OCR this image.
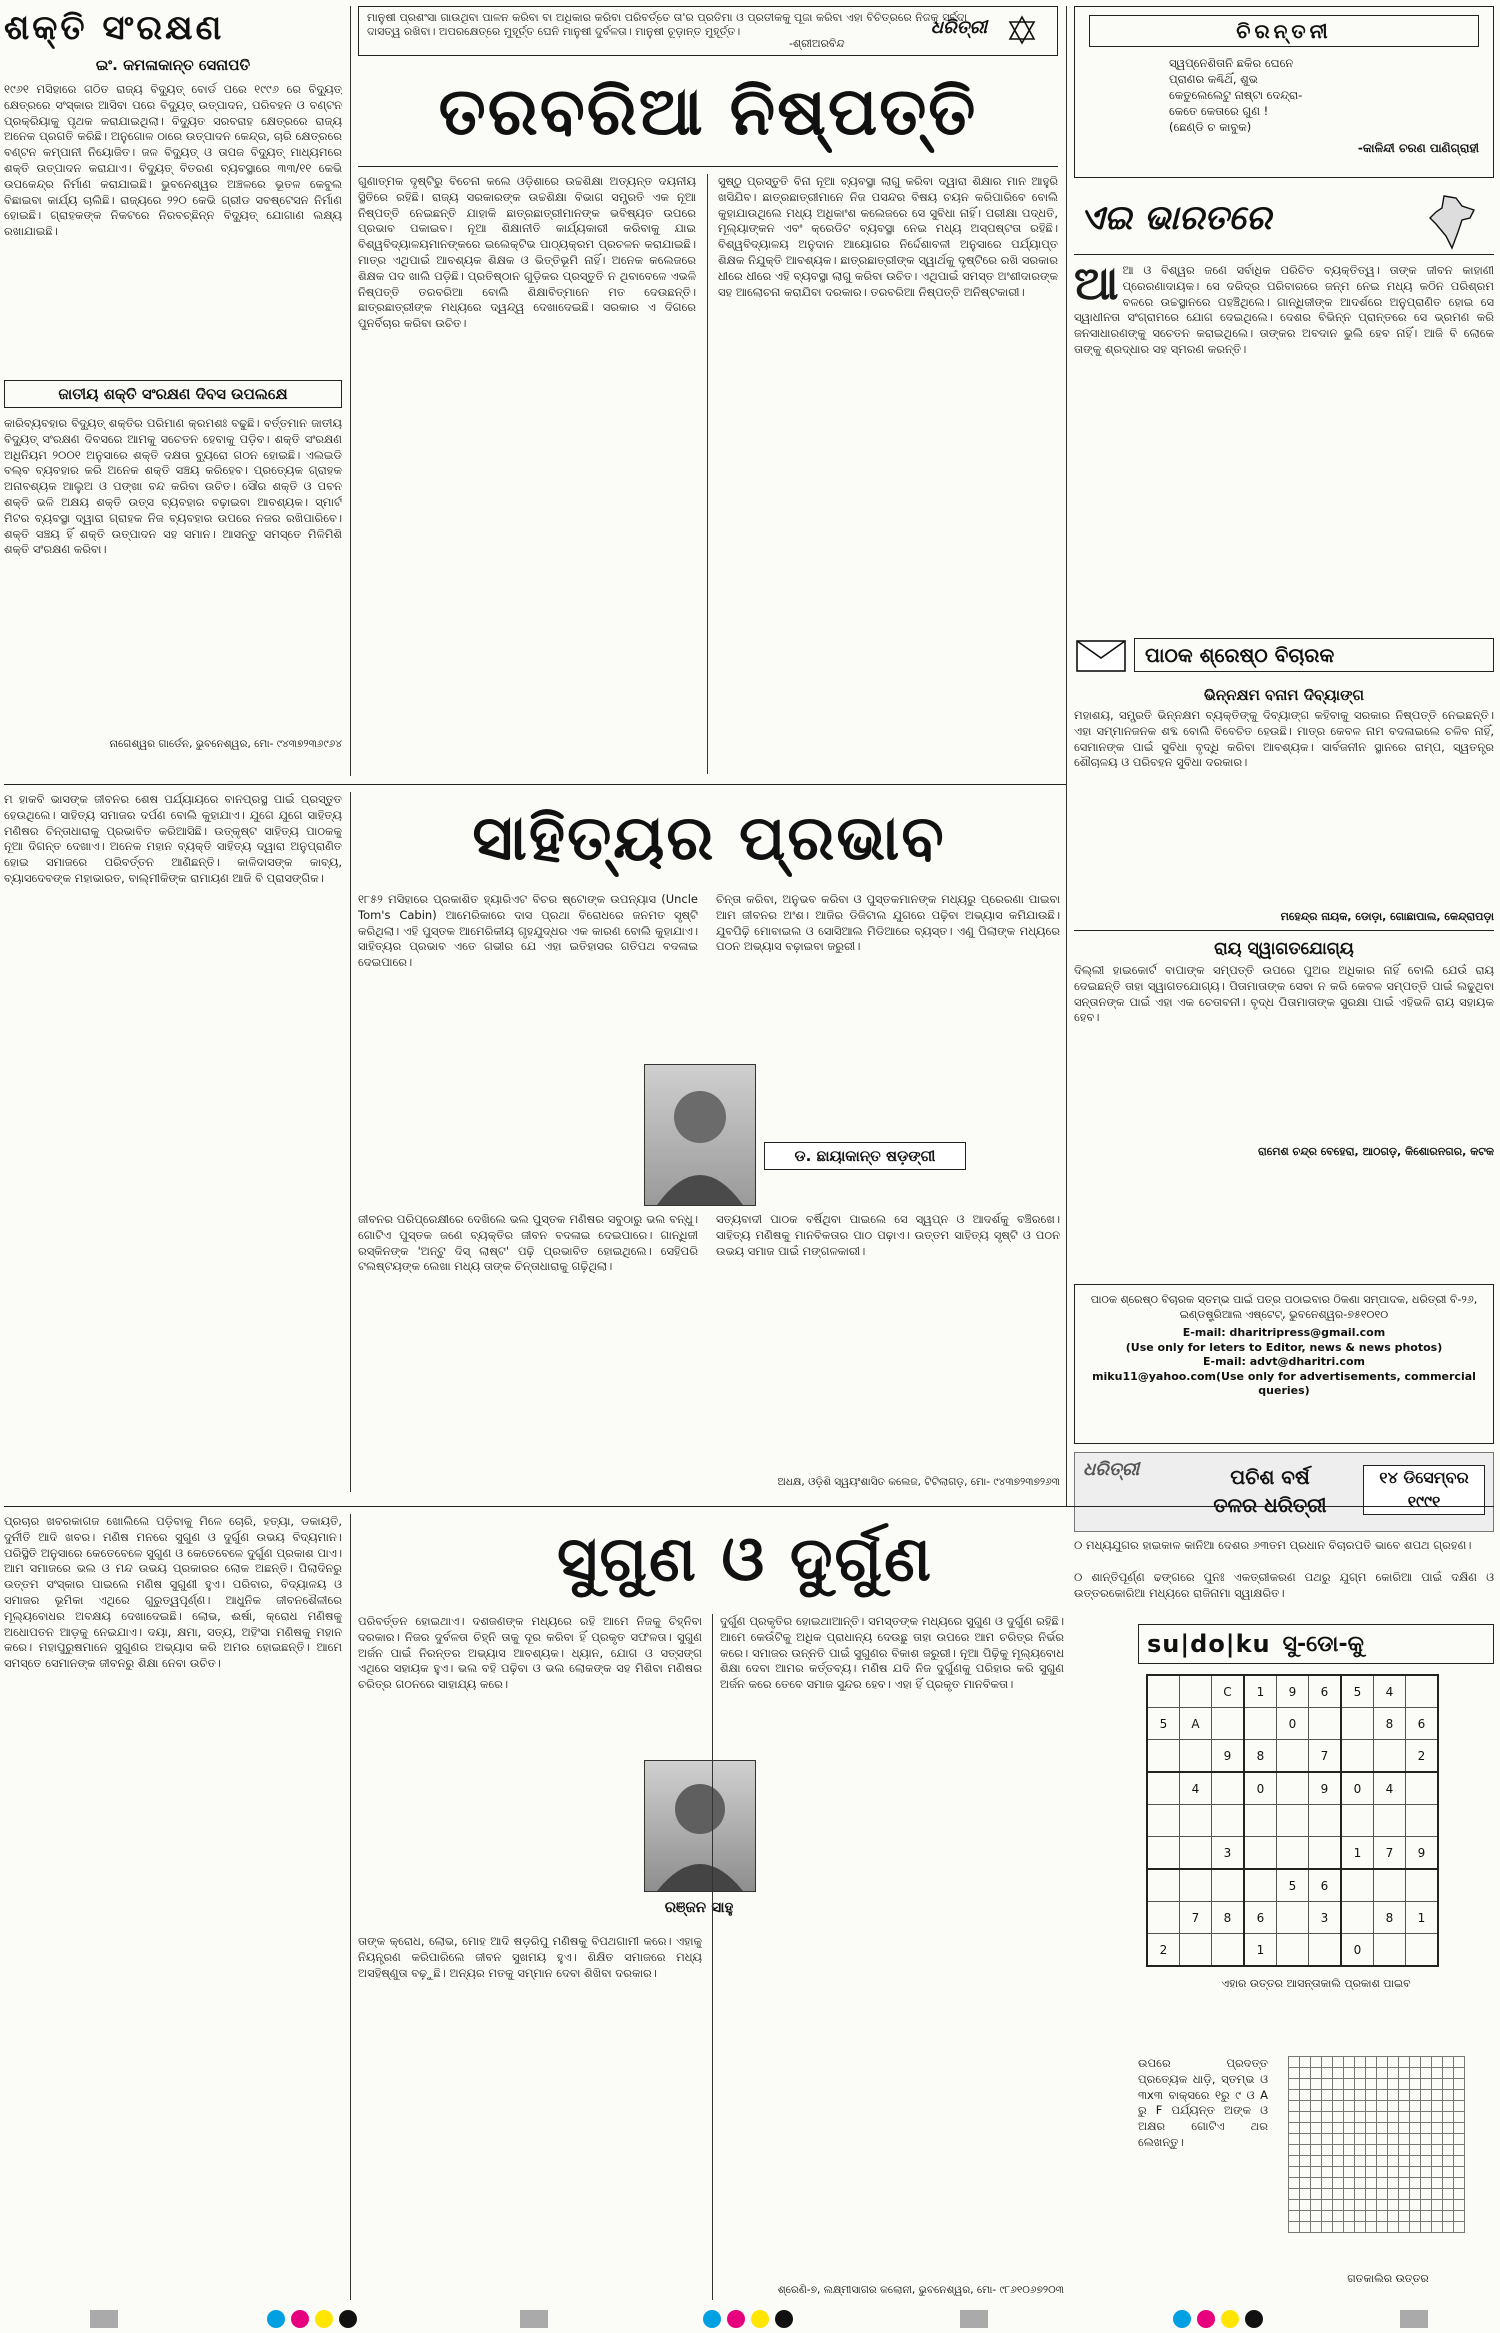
ଶକ୍ତି ସଂରକ୍ଷଣ
ଇଂ. କମଳାକାନ୍ତ ସେନାପତି
୧୯୬୧ ମସିହାରେ ଗଠିତ ରାଜ୍ୟ ବିଦ୍ୟୁତ୍ ବୋର୍ଡ ପରେ ୧୯୯୬ ରେ ବିଦ୍ୟୁତ୍ କ୍ଷେତ୍ରରେ ସଂସ୍କାର ଆସିବା ପରେ ବିଦ୍ୟୁତ୍ ଉତ୍ପାଦନ, ପରିବହନ ଓ ବଣ୍ଟନ ପ୍ରକ୍ରିୟାକୁ ପୃଥକ କରାଯାଇଥିଲା। ବିଦ୍ୟୁତ ସରବରାହ କ୍ଷେତ୍ରରେ ରାଜ୍ୟ ଅନେକ ପ୍ରଗତି କରିଛି। ଅନୁଗୋଳ ଠାରେ ଉତ୍ପାଦନ କେନ୍ଦ୍ର, ଚାରି କ୍ଷେତ୍ରରେ ବଣ୍ଟନ କମ୍ପାନୀ ନିୟୋଜିତ। ଜଳ ବିଦ୍ୟୁତ୍ ଓ ତାପଜ ବିଦ୍ୟୁତ୍ ମାଧ୍ୟମରେ ଶକ୍ତି ଉତ୍ପାଦନ କରାଯାଏ। ବିଦ୍ୟୁତ୍ ବିତରଣ ବ୍ୟବସ୍ଥାରେ ୩୩/୧୧ କେଭି ଉପକେନ୍ଦ୍ର ନିର୍ମାଣ କରାଯାଇଛି। ଭୁବନେଶ୍ୱର ଅଞ୍ଚଳରେ ଭୂତଳ କେବୁଲ ବିଛାଇବା କାର୍ଯ୍ୟ ଚାଲିଛି। ରାଜ୍ୟରେ ୨୨୦ କେଭି ଗ୍ରୀଡ ସବଷ୍ଟେସନ ନିର୍ମାଣ ହୋଇଛି। ଗ୍ରାହକଙ୍କ ନିକଟରେ ନିରବଚ୍ଛିନ୍ନ ବିଦ୍ୟୁତ୍ ଯୋଗାଣ ଲକ୍ଷ୍ୟ ରଖାଯାଇଛି।
ଜାତୀୟ ଶକ୍ତି ସଂରକ୍ଷଣ ଦିବସ ଉପଲକ୍ଷେ
କାରିବ୍ୟବହାର ବିଦ୍ୟୁତ୍ ଶକ୍ତିର ପରିମାଣ କ୍ରମଶଃ ବଢୁଛି। ବର୍ତ୍ତମାନ ଜାତୀୟ ବିଦ୍ୟୁତ୍ ସଂରକ୍ଷଣ ଦିବସରେ ଆମକୁ ସଚେତନ ହେବାକୁ ପଡ଼ିବ। ଶକ୍ତି ସଂରକ୍ଷଣ ଅଧିନିୟମ ୨୦୦୧ ଅନୁସାରେ ଶକ୍ତି ଦକ୍ଷତା ବ୍ୟୁରୋ ଗଠନ ହୋଇଛି। ଏଲଇଡି ବଲ୍ବ ବ୍ୟବହାର କରି ଅନେକ ଶକ୍ତି ସଞ୍ଚୟ କରିହେବ। ପ୍ରତ୍ୟେକ ଗ୍ରାହକ ଅନାବଶ୍ୟକ ଆଲୁଅ ଓ ପଙ୍ଖା ବନ୍ଦ କରିବା ଉଚିତ। ସୌର ଶକ୍ତି ଓ ପବନ ଶକ୍ତି ଭଳି ଅକ୍ଷୟ ଶକ୍ତି ଉତ୍ସ ବ୍ୟବହାର ବଢ଼ାଇବା ଆବଶ୍ୟକ। ସ୍ମାର୍ଟ ମିଟର ବ୍ୟବସ୍ଥା ଦ୍ୱାରା ଗ୍ରାହକ ନିଜ ବ୍ୟବହାର ଉପରେ ନଜର ରଖିପାରିବେ। ଶକ୍ତି ସଞ୍ଚୟ ହିଁ ଶକ୍ତି ଉତ୍ପାଦନ ସହ ସମାନ। ଆସନ୍ତୁ ସମସ୍ତେ ମିଳିମିଶି ଶକ୍ତି ସଂରକ୍ଷଣ କରିବା।
ନାଗେଶ୍ୱର ଗାର୍ଡେନ, ଭୁବନେଶ୍ୱର, ମୋ- ୯୪୩୭୨୩୬୯୬୪
ମାନୁଷୀ ପ୍ରଶଂସା ଗାଉଥିବା ପାଳନ କରିବା ବା ଅଧିକାର କରିବା ପରିବର୍ତ୍ତେ ତା'ର ପ୍ରତିମା ଓ ପ୍ରତୀକକୁ ପୂଜା କରିବା ଏହା ବିଚିତ୍ରରେ ନିଜକୁ ସର୍ବଦା ଦାସତ୍ୱ ରଖିବା। ଅପରକ୍ଷେତ୍ରେ ମୁହୂର୍ତ୍ତ ଘେନି ମାନୁଷୀ ଦୁର୍ବଳତା। ମାନୁଷୀ ଚୂଡ଼ାନ୍ତ ମୁହୂର୍ତ୍ତ।
-ଶ୍ରୀଅରବିନ୍ଦ
ଧରିତ୍ରୀ
ତରବରିଆ ନିଷ୍ପତ୍ତି
ଗୁଣାତ୍ମକ ଦୃଷ୍ଟିରୁ ବିଚେନା କଲେ ଓଡ଼ିଶାରେ ଉଚ୍ଚଶିକ୍ଷା ଅତ୍ୟନ୍ତ ଦୟନୀୟ ସ୍ଥିତିରେ ରହିଛି। ରାଜ୍ୟ ସରକାରଙ୍କ ଉଚ୍ଚଶିକ୍ଷା ବିଭାଗ ସମ୍ପ୍ରତି ଏକ ନୂଆ ନିଷ୍ପତ୍ତି ନେଇଛନ୍ତି ଯାହାକି ଛାତ୍ରଛାତ୍ରୀମାନଙ୍କ ଭବିଷ୍ୟତ ଉପରେ ପ୍ରଭାବ ପକାଇବ। ନୂଆ ଶିକ୍ଷାନୀତି କାର୍ଯ୍ୟକାରୀ କରିବାକୁ ଯାଇ ବିଶ୍ୱବିଦ୍ୟାଳୟମାନଙ୍କରେ ଇଲେକ୍ଟିଭ ପାଠ୍ୟକ୍ରମ ପ୍ରଚଳନ କରାଯାଇଛି। ମାତ୍ର ଏଥିପାଇଁ ଆବଶ୍ୟକ ଶିକ୍ଷକ ଓ ଭିତ୍ତିଭୂମି ନାହିଁ। ଅନେକ କଲେଜରେ ଶିକ୍ଷକ ପଦ ଖାଲି ପଡ଼ିଛି। ପ୍ରତିଷ୍ଠାନ ଗୁଡ଼ିକର ପ୍ରସ୍ତୁତି ନ ଥିବାବେଳେ ଏଭଳି ନିଷ୍ପତ୍ତି ତରବରିଆ ବୋଲି ଶିକ୍ଷାବିତ୍‌ମାନେ ମତ ଦେଉଛନ୍ତି। ଛାତ୍ରଛାତ୍ରୀଙ୍କ ମଧ୍ୟରେ ଦ୍ୱନ୍ଦ୍ୱ ଦେଖାଦେଇଛି। ସରକାର ଏ ଦିଗରେ ପୁନର୍ବିଚାର କରିବା ଉଚିତ।
ସୁଷ୍ଠୁ ପ୍ରସ୍ତୁତି ବିନା ନୂଆ ବ୍ୟବସ୍ଥା ଲାଗୁ କରିବା ଦ୍ୱାରା ଶିକ୍ଷାର ମାନ ଆହୁରି ଖସିଯିବ। ଛାତ୍ରଛାତ୍ରୀମାନେ ନିଜ ପସନ୍ଦର ବିଷୟ ଚୟନ କରିପାରିବେ ବୋଲି କୁହାଯାଉଥିଲେ ମଧ୍ୟ ଅଧିକାଂଶ କଲେଜରେ ସେ ସୁବିଧା ନାହିଁ। ପରୀକ୍ଷା ପଦ୍ଧତି, ମୂଲ୍ୟାଙ୍କନ ଏବଂ କ୍ରେଡିଟ ବ୍ୟବସ୍ଥା ନେଇ ମଧ୍ୟ ଅସ୍ପଷ୍ଟତା ରହିଛି। ବିଶ୍ୱବିଦ୍ୟାଳୟ ଅନୁଦାନ ଆୟୋଗର ନିର୍ଦ୍ଦେଶାବଳୀ ଅନୁସାରେ ପର୍ଯ୍ୟାପ୍ତ ଶିକ୍ଷକ ନିଯୁକ୍ତି ଆବଶ୍ୟକ। ଛାତ୍ରଛାତ୍ରୀଙ୍କ ସ୍ୱାର୍ଥକୁ ଦୃଷ୍ଟିରେ ରଖି ସରକାର ଧୀରେ ଧୀରେ ଏହି ବ୍ୟବସ୍ଥା ଲାଗୁ କରିବା ଉଚିତ। ଏଥିପାଇଁ ସମସ୍ତ ଅଂଶୀଦାରଙ୍କ ସହ ଆଲୋଚନା କରାଯିବା ଦରକାର। ତରବରିଆ ନିଷ୍ପତ୍ତି ଅନିଷ୍ଟକାରୀ।
ଚିରନ୍ତନୀ
ସ୍ୱପ୍ନେଶିତାନି ଛକିର ଘେନେ
ପ୍ରାଣର କଣ୍ଢିଥିଁ, ଶୁଭ
କେତୁଲେଲେଟୁ ନାଷ୍ଟା ଦେନ୍ଦ୍ରା-
କେତେ କେତାରେ ଗୁଣ !
(ଛେଣ୍ଡି ଚ କାବୁକ)
-କାଳିନ୍ଦୀ ଚରଣ ପାଣିଗ୍ରାହୀ
ଏଇ ଭାରତରେ
ଆଆ ଓ ବିଶ୍ୱର ଜଣେ ସର୍ବାଧିକ ପରିଚିତ ବ୍ୟକ୍ତିତ୍ୱ। ତାଙ୍କ ଜୀବନ କାହାଣୀ ପ୍ରେରଣାଦାୟକ। ସେ ଦରିଦ୍ର ପରିବାରରେ ଜନ୍ମ ନେଇ ମଧ୍ୟ କଠିନ ପରିଶ୍ରମ ବଳରେ ଉଚ୍ଚସ୍ଥାନରେ ପହଞ୍ଚିଥିଲେ। ଗାନ୍ଧିଜୀଙ୍କ ଆଦର୍ଶରେ ଅନୁପ୍ରାଣିତ ହୋଇ ସେ ସ୍ୱାଧୀନତା ସଂଗ୍ରାମରେ ଯୋଗ ଦେଇଥିଲେ। ଦେଶର ବିଭିନ୍ନ ପ୍ରାନ୍ତରେ ସେ ଭ୍ରମଣ କରି ଜନସାଧାରଣଙ୍କୁ ସଚେତନ କରାଇଥିଲେ। ତାଙ୍କର ଅବଦାନ ଭୁଲି ହେବ ନାହିଁ। ଆଜି ବି ଲୋକେ ତାଙ୍କୁ ଶ୍ରଦ୍ଧାର ସହ ସ୍ମରଣ କରନ୍ତି।
ପାଠକ ଶ୍ରେଷ୍ଠ ବିଚାରକ
ଭିନ୍ନକ୍ଷମ ବନାମ ଦିବ୍ୟାଙ୍ଗ
ମହାଶୟ, ସମ୍ପ୍ରତି ଭିନ୍ନକ୍ଷମ ବ୍ୟକ୍ତିଙ୍କୁ ଦିବ୍ୟାଙ୍ଗ କହିବାକୁ ସରକାର ନିଷ୍ପତ୍ତି ନେଇଛନ୍ତି। ଏହା ସମ୍ମାନଜନକ ଶବ୍ଦ ବୋଲି ବିବେଚିତ ହେଉଛି। ମାତ୍ର କେବଳ ନାମ ବଦଳାଇଲେ ଚଳିବ ନାହିଁ, ସେମାନଙ୍କ ପାଇଁ ସୁବିଧା ବୃଦ୍ଧି କରିବା ଆବଶ୍ୟକ। ସାର୍ବଜନୀନ ସ୍ଥାନରେ ରାମ୍ପ, ସ୍ୱତନ୍ତ୍ର ଶୌଚାଳୟ ଓ ପରିବହନ ସୁବିଧା ଦରକାର।
ମହେନ୍ଦ୍ର ନାୟକ, ଡୋଡ଼ା, ଗୋଛାପାଲ, କେନ୍ଦ୍ରାପଡ଼ା
ରାୟ ସ୍ୱାଗତଯୋଗ୍ୟ
ଦିଲ୍ଲୀ ହାଇକୋର୍ଟ ବାପାଙ୍କ ସମ୍ପତ୍ତି ଉପରେ ପୁଅର ଅଧିକାର ନାହିଁ ବୋଲି ଯେଉଁ ରାୟ ଦେଇଛନ୍ତି ତାହା ସ୍ୱାଗତଯୋଗ୍ୟ। ପିତାମାତାଙ୍କ ସେବା ନ କରି କେବଳ ସମ୍ପତ୍ତି ପାଇଁ ଲଢୁଥିବା ସନ୍ତାନଙ୍କ ପାଇଁ ଏହା ଏକ ଚେତାବନୀ। ବୃଦ୍ଧ ପିତାମାତାଙ୍କ ସୁରକ୍ଷା ପାଇଁ ଏହିଭଳି ରାୟ ସହାୟକ ହେବ।
ରାମେଶ ଚନ୍ଦ୍ର ବେହେରା, ଆଠଗଡ଼, କିଶୋରନଗର, କଟକ
ପାଠକ ଶ୍ରେଷ୍ଠ ବିଚାରକ ସ୍ତମ୍ଭ ପାଇଁ ପତ୍ର ପଠାଇବାର ଠିକଣା ସମ୍ପାଦକ, ଧରିତ୍ରୀ ବି-୨୬, ଇଣ୍ଡଷ୍ଟ୍ରିଆଲ ଏଷ୍ଟେଟ୍, ଭୁବନେଶ୍ୱର-୭୫୧୦୧୦
E-mail: dharitripress@gmail.com
(Use only for leters to Editor, news & news photos)
E-mail: advt@dharitri.com
miku11@yahoo.com(Use only for advertisements, commercial queries)
ଧରିତ୍ରୀ	ପଚିଶ ବର୍ଷ
ତଳର ଧରିତ୍ରୀ
୧୪ ଡିସେମ୍ବର
୧୯୯୧
୦ ମଧ୍ୟଯୁଗର ହାଇକାଳ କାନିଆ ଦେଶର ୬୩ତମ ପ୍ରଧାନ ବିଚାରପତି ଭାବେ ଶପଥ ଗ୍ରହଣ।
୦ ଶାନ୍ତିପୂର୍ଣ୍ଣ ଢଙ୍ଗରେ ପୁନଃ ଏକତ୍ରୀକରଣ ପଥରୁ ଯୁଗ୍ମ କୋରିଆ ପାଇଁ ଦକ୍ଷିଣ ଓ ଉତ୍ତରକୋରିଆ ମଧ୍ୟରେ ରାଜିନାମା ସ୍ୱାକ୍ଷରିତ।
ମ ହାକବି ଭାସଙ୍କ ଜୀବନର ଶେଷ ପର୍ଯ୍ୟାୟରେ ବାନପ୍ରସ୍ଥ ପାଇଁ ପ୍ରସ୍ତୁତ ହେଉଥିଲେ। ସାହିତ୍ୟ ସମାଜର ଦର୍ପଣ ବୋଲି କୁହାଯାଏ। ଯୁଗେ ଯୁଗେ ସାହିତ୍ୟ ମଣିଷର ଚିନ୍ତାଧାରାକୁ ପ୍ରଭାବିତ କରିଆସିଛି। ଉତ୍କୃଷ୍ଟ ସାହିତ୍ୟ ପାଠକକୁ ନୂଆ ଦିଗନ୍ତ ଦେଖାଏ। ଅନେକ ମହାନ ବ୍ୟକ୍ତି ସାହିତ୍ୟ ଦ୍ୱାରା ଅନୁପ୍ରାଣିତ ହୋଇ ସମାଜରେ ପରିବର୍ତ୍ତନ ଆଣିଛନ୍ତି। କାଳିଦାସଙ୍କ କାବ୍ୟ, ବ୍ୟାସଦେବଙ୍କ ମହାଭାରତ, ବାଲ୍ମୀକିଙ୍କ ରାମାୟଣ ଆଜି ବି ପ୍ରାସଙ୍ଗିକ।
ସାହିତ୍ୟର ପ୍ରଭାବ
୧୮୫୨ ମସିହାରେ ପ୍ରକାଶିତ ହ୍ୟାରିଏଟ ବିଚର ଷ୍ଟୋଙ୍କ ଉପନ୍ୟାସ (Uncle Tom's Cabin) ଆମେରିକାରେ ଦାସ ପ୍ରଥା ବିରୋଧରେ ଜନମତ ସୃଷ୍ଟି କରିଥିଲା। ଏହି ପୁସ୍ତକ ଆମେରିକୀୟ ଗୃହଯୁଦ୍ଧର ଏକ କାରଣ ବୋଲି କୁହାଯାଏ। ସାହିତ୍ୟର ପ୍ରଭାବ ଏତେ ଗଭୀର ଯେ ଏହା ଇତିହାସର ଗତିପଥ ବଦଳାଇ ଦେଇପାରେ।
ଚିନ୍ତା କରିବା, ଅନୁଭବ କରିବା ଓ ପୁସ୍ତକମାନଙ୍କ ମଧ୍ୟରୁ ପ୍ରେରଣା ପାଇବା ଆମ ଜୀବନର ଅଂଶ। ଆଜିର ଡିଜିଟାଲ ଯୁଗରେ ପଢ଼ିବା ଅଭ୍ୟାସ କମିଯାଉଛି। ଯୁବପିଢ଼ି ମୋବାଇଲ ଓ ସୋସିଆଲ ମିଡିଆରେ ବ୍ୟସ୍ତ। ଏଣୁ ପିଲାଙ୍କ ମଧ୍ୟରେ ପଠନ ଅଭ୍ୟାସ ବଢ଼ାଇବା ଜରୁରୀ।
ଡ. ଛାୟାକାନ୍ତ ଷଡ଼ଙ୍ଗୀ
ଜୀବନର ପରିପ୍ରେକ୍ଷୀରେ ଦେଖିଲେ ଭଲ ପୁସ୍ତକ ମଣିଷର ସବୁଠାରୁ ଭଲ ବନ୍ଧୁ। ଗୋଟିଏ ପୁସ୍ତକ ଜଣେ ବ୍ୟକ୍ତିର ଜୀବନ ବଦଳାଇ ଦେଇପାରେ। ଗାନ୍ଧିଜୀ ରସ୍କିନଙ୍କ 'ଅନ୍ଟୁ ଦିସ୍ ଲାଷ୍ଟ' ପଢ଼ି ପ୍ରଭାବିତ ହୋଇଥିଲେ। ସେହିପରି ଟଲଷ୍ଟୟଙ୍କ ଲେଖା ମଧ୍ୟ ତାଙ୍କ ଚିନ୍ତାଧାରାକୁ ଗଢ଼ିଥିଲା।
ସତ୍ୟବାଦୀ ପାଠକ ବର୍ଷିଥିବା ପାଇଲେ ସେ ସ୍ୱପ୍ନ ଓ ଆଦର୍ଶକୁ ବଞ୍ଚିରଖେ। ସାହିତ୍ୟ ମଣିଷକୁ ମାନବିକତାର ପାଠ ପଢ଼ାଏ। ଉତ୍ତମ ସାହିତ୍ୟ ସୃଷ୍ଟି ଓ ପଠନ ଉଭୟ ସମାଜ ପାଇଁ ମଙ୍ଗଳକାରୀ।
ଅଧକ୍ଷ, ଓଡ଼ିଶି ସ୍ୱୟଂଶାସିତ କଲେଜ, ଟିଟିଲାଗଡ଼, ମୋ- ୯୪୩୭୨୩୭୨୬୩
ପ୍ରଚାର ଖବରକାଗଜ ଖୋଲିଲେ ପଡ଼ିବାକୁ ମିଳେ ଚୋରି, ହତ୍ୟା, ଡକାୟତି, ଦୁର୍ନୀତି ଆଦି ଖବର। ମଣିଷ ମନରେ ସୁଗୁଣ ଓ ଦୁର୍ଗୁଣ ଉଭୟ ବିଦ୍ୟମାନ। ପରିସ୍ଥିତି ଅନୁସାରେ କେତେବେଳେ ସୁଗୁଣ ଓ କେତେବେଳେ ଦୁର୍ଗୁଣ ପ୍ରକାଶ ପାଏ। ଆମ ସମାଜରେ ଭଲ ଓ ମନ୍ଦ ଉଭୟ ପ୍ରକାରର ଲୋକ ଅଛନ୍ତି। ପିଲାଦିନରୁ ଉତ୍ତମ ସଂସ୍କାର ପାଇଲେ ମଣିଷ ସୁଗୁଣୀ ହୁଏ। ପରିବାର, ବିଦ୍ୟାଳୟ ଓ ସମାଜର ଭୂମିକା ଏଥିରେ ଗୁରୁତ୍ୱପୂର୍ଣ୍ଣ। ଆଧୁନିକ ଜୀବନଶୈଳୀରେ ମୂଲ୍ୟବୋଧର ଅବକ୍ଷୟ ଦେଖାଦେଇଛି। ଲୋଭ, ଈର୍ଷା, କ୍ରୋଧ ମଣିଷକୁ ଅଧୋପତନ ଆଡ଼କୁ ନେଇଯାଏ। ଦୟା, କ୍ଷମା, ସତ୍ୟ, ଅହିଂସା ମଣିଷକୁ ମହାନ କରେ। ମହାପୁରୁଷମାନେ ସୁଗୁଣର ଅଭ୍ୟାସ କରି ଅମର ହୋଇଛନ୍ତି। ଆମେ ସମସ୍ତେ ସେମାନଙ୍କ ଜୀବନରୁ ଶିକ୍ଷା ନେବା ଉଚିତ।
ସୁଗୁଣ ଓ ଦୁର୍ଗୁଣ
ପରିବର୍ତ୍ତନ ହୋଇଥାଏ। ଦଶଜଣଙ୍କ ମଧ୍ୟରେ ରହି ଆମେ ନିଜକୁ ଚିହ୍ନିବା ଦରକାର। ନିଜର ଦୁର୍ବଳତା ଚିହ୍ନି ତାକୁ ଦୂର କରିବା ହିଁ ପ୍ରକୃତ ସଫଳତା। ସୁଗୁଣ ଅର୍ଜନ ପାଇଁ ନିରନ୍ତର ଅଭ୍ୟାସ ଆବଶ୍ୟକ। ଧ୍ୟାନ, ଯୋଗ ଓ ସତ୍ସଙ୍ଗ ଏଥିରେ ସହାୟକ ହୁଏ। ଭଲ ବହି ପଢ଼ିବା ଓ ଭଲ ଲୋକଙ୍କ ସହ ମିଶିବା ମଣିଷର ଚରିତ୍ର ଗଠନରେ ସାହାଯ୍ୟ କରେ।
ରଞ୍ଜନ ସାହୁ
ତାଙ୍କ କ୍ରୋଧ, ଲୋଭ, ମୋହ ଆଦି ଷଡ଼ରିପୁ ମଣିଷକୁ ବିପଥଗାମୀ କରେ। ଏହାକୁ ନିୟନ୍ତ୍ରଣ କରିପାରିଲେ ଜୀବନ ସୁଖମୟ ହୁଏ। ଶିକ୍ଷିତ ସମାଜରେ ମଧ୍ୟ ଅସହିଷ୍ଣୁତା ବଢ଼ୁଛି। ଅନ୍ୟର ମତକୁ ସମ୍ମାନ ଦେବା ଶିଖିବା ଦରକାର।
ଦୁର୍ଗୁଣ ପ୍ରକୃତିର ହୋଇଥାଆନ୍ତି। ସମସ୍ତଙ୍କ ମଧ୍ୟରେ ସୁଗୁଣ ଓ ଦୁର୍ଗୁଣ ରହିଛି। ଆମେ କେଉଁଟିକୁ ଅଧିକ ପ୍ରାଧାନ୍ୟ ଦେଉଛୁ ତାହା ଉପରେ ଆମ ଚରିତ୍ର ନିର୍ଭର କରେ। ସମାଜର ଉନ୍ନତି ପାଇଁ ସୁଗୁଣର ବିକାଶ ଜରୁରୀ। ନୂଆ ପିଢ଼ିକୁ ମୂଲ୍ୟବୋଧ ଶିକ୍ଷା ଦେବା ଆମର କର୍ତ୍ତବ୍ୟ। ମଣିଷ ଯଦି ନିଜ ଦୁର୍ଗୁଣକୁ ପରିହାର କରି ସୁଗୁଣ ଅର୍ଜନ କରେ ତେବେ ସମାଜ ସୁନ୍ଦର ହେବ। ଏହା ହିଁ ପ୍ରକୃତ ମାନବିକତା।
ଶ୍ରେଣି-୭, ଲକ୍ଷ୍ମୀସାଗର କଲୋନୀ, ଭୁବନେଶ୍ୱର, ମୋ- ୯୮୬୧୦୬୭୨୦୩
su|do|ku ସୁ-ଡୋ-କୁ
		C	1	9	6	5	4	
5	A			0			8	6
		9	8		7			2
	4		0		9	0	4	

		3				1	7	9
				5	6			
	7	8	6		3		8	1
2			1			0		
ଏହାର ଉତ୍ତର ଆସନ୍ତାକାଲି ପ୍ରକାଶ ପାଇବ
ଉପରେ ପ୍ରଦତ୍ତ ପ୍ରତ୍ୟେକ ଧାଡ଼ି, ସ୍ତମ୍ଭ ଓ ୩x୩ ବାକ୍ସରେ ୧ରୁ ୯ ଓ A ରୁ F ପର୍ଯ୍ୟନ୍ତ ଅଙ୍କ ଓ ଅକ୍ଷର ଗୋଟିଏ ଥର ଲେଖନ୍ତୁ।

ଗତକାଲିର ଉତ୍ତର
